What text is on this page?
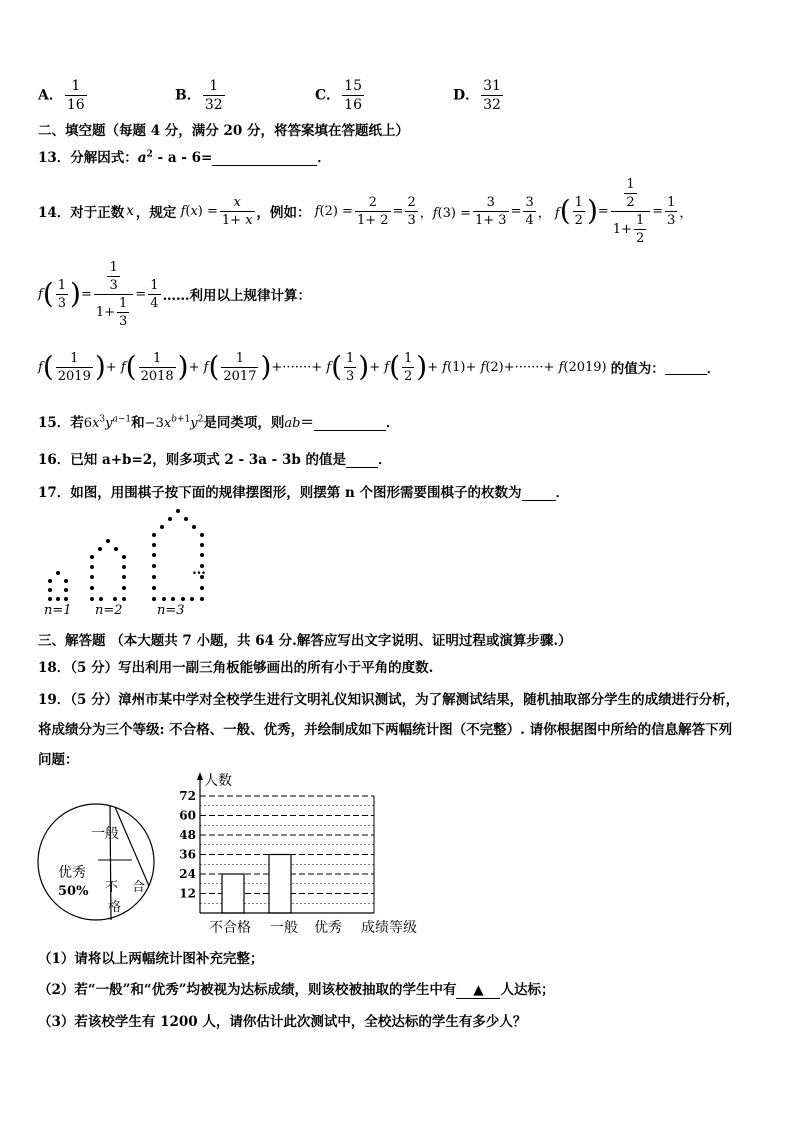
A． $\frac{1}{16}$	B． $\frac{1}{32}$	C． $\frac{15}{16}$	D． $\frac{31}{32}$
二、填空题（每题 4 分，满分 20 分，将答案填在答题纸上）
13．分解因式：$a^2 - a - 6=$	．
14． 对于正数 x ，规定 $f(x) = \frac{x}{1+ x}$ ，例如： $f(2) = \frac{2}{1+ 2} = \frac{2}{3}$ ，$f(3) = \frac{3}{1+ 3} = \frac{3}{4}$ ， f ( $\frac{1}{2}$ ) = $\frac{\frac{1}{2}}{1+ \frac{1}{2}} = \frac{1}{3}$ ，
f ( $\frac{1}{3}$ ) = $\frac{\frac{1}{3}}{1+ \frac{1}{3}} = \frac{1}{4}$ ……利用以上规律计算：
f ( $\frac{1}{2019}$ ) + f ( $\frac{1}{2018}$ ) + f ( $\frac{1}{2017}$ ) +·······+ f ( $\frac{1}{3}$ ) + f ( $\frac{1}{2}$ ) + f(1)+ f(2)+·······+ f(2019) 的值为：	．
15．若$6x^3y^{a-1}$和$-3x^{b+1}y^2$是同类项，则ab＝	．
16．已知 a+b=2，则多项式 2 - 3a - 3b 的值是 ．
17．如图，用围棋子按下面的规律摆图形，则摆第 n 个图形需要围棋子的枚数为	．
…
n=1 n=2	n=3
三、解答题 （本大题共 7 小题，共 64 分.解答应写出文字说明、证明过程或演算步骤.）
18．（5 分）写出利用一副三角板能够画出的所有小于平角的度数.
19．（5 分）漳州市某中学对全校学生进行文明礼仪知识测试，为了解测试结果，随机抽取部分学生的成绩进行分析，
将成绩分为三个等级: 不合格、一般、优秀，并绘制成如下两幅统计图（不完整）. 请你根据图中所给的信息解答下列
问题：
一般
不 合
格
优秀
50%	12
24
36
48
60
72
人数
成绩等级
不合格 一般 优秀
（1）请将以上两幅统计图补充完整；
（2）若“一般”和“优秀”均被视为达标成绩，则该校被抽取的学生中有 ▲ 人达标；
（3）若该校学生有 1200 人，请你估计此次测试中，全校达标的学生有多少人？
